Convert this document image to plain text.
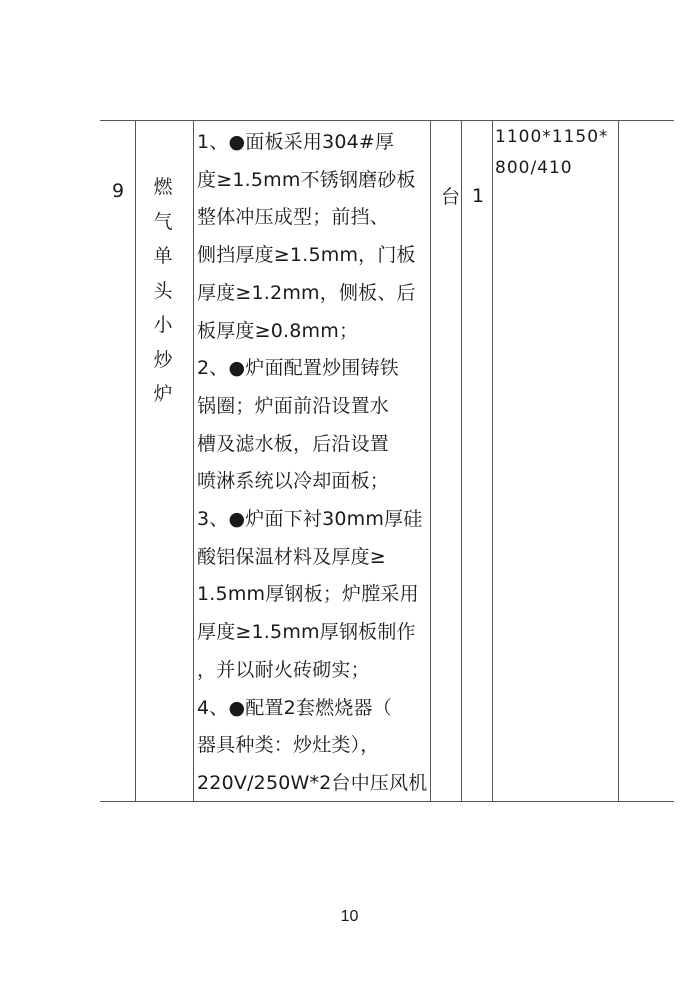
9	燃
气
单
头
小
炒
炉
1、●面板采用304#厚
度≥1.5mm不锈钢磨砂板
整体冲压成型；前挡、
侧挡厚度≥1.5mm，门板
厚度≥1.2mm，侧板、后
板厚度≥0.8mm；
2、●炉面配置炒围铸铁
锅圈；炉面前沿设置水
槽及滤水板，后沿设置
喷淋系统以冷却面板；
3、●炉面下衬30mm厚硅
酸铝保温材料及厚度≥
1.5mm厚钢板；炉膛采用
厚度≥1.5mm厚钢板制作
，并以耐火砖砌实；
4、●配置2套燃烧器（
器具种类：炒灶类），
220V/250W*2台中压风机
台 1
1100*1150*
800/410
10
